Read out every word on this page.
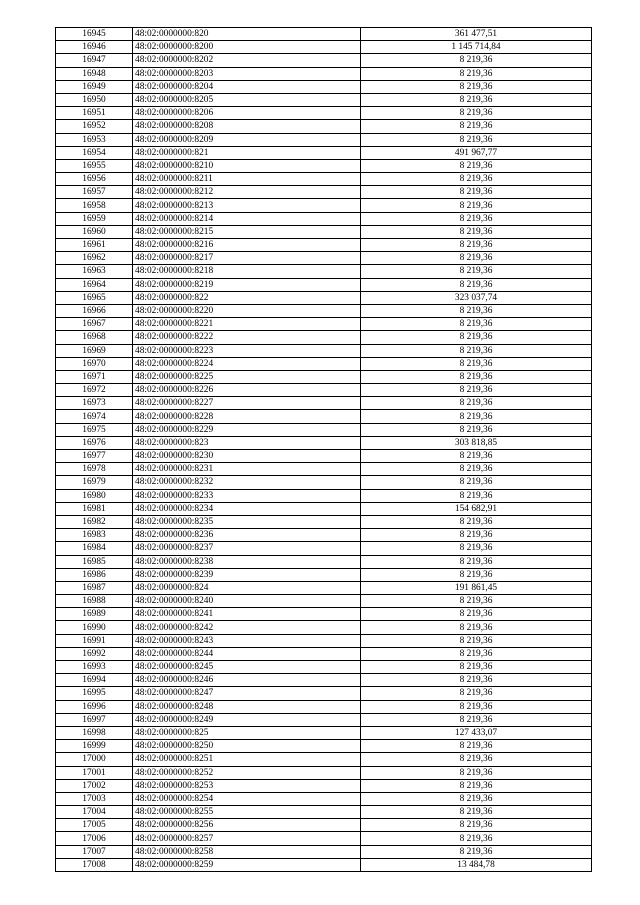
16945	48:02:0000000:820	361 477,51
16946	48:02:0000000:8200	1 145 714,84
16947	48:02:0000000:8202	8 219,36
16948	48:02:0000000:8203	8 219,36
16949	48:02:0000000:8204	8 219,36
16950	48:02:0000000:8205	8 219,36
16951	48:02:0000000:8206	8 219,36
16952	48:02:0000000:8208	8 219,36
16953	48:02:0000000:8209	8 219,36
16954	48:02:0000000:821	491 967,77
16955	48:02:0000000:8210	8 219,36
16956	48:02:0000000:8211	8 219,36
16957	48:02:0000000:8212	8 219,36
16958	48:02:0000000:8213	8 219,36
16959	48:02:0000000:8214	8 219,36
16960	48:02:0000000:8215	8 219,36
16961	48:02:0000000:8216	8 219,36
16962	48:02:0000000:8217	8 219,36
16963	48:02:0000000:8218	8 219,36
16964	48:02:0000000:8219	8 219,36
16965	48:02:0000000:822	323 037,74
16966	48:02:0000000:8220	8 219,36
16967	48:02:0000000:8221	8 219,36
16968	48:02:0000000:8222	8 219,36
16969	48:02:0000000:8223	8 219,36
16970	48:02:0000000:8224	8 219,36
16971	48:02:0000000:8225	8 219,36
16972	48:02:0000000:8226	8 219,36
16973	48:02:0000000:8227	8 219,36
16974	48:02:0000000:8228	8 219,36
16975	48:02:0000000:8229	8 219,36
16976	48:02:0000000:823	303 818,85
16977	48:02:0000000:8230	8 219,36
16978	48:02:0000000:8231	8 219,36
16979	48:02:0000000:8232	8 219,36
16980	48:02:0000000:8233	8 219,36
16981	48:02:0000000:8234	154 682,91
16982	48:02:0000000:8235	8 219,36
16983	48:02:0000000:8236	8 219,36
16984	48:02:0000000:8237	8 219,36
16985	48:02:0000000:8238	8 219,36
16986	48:02:0000000:8239	8 219,36
16987	48:02:0000000:824	191 861,45
16988	48:02:0000000:8240	8 219,36
16989	48:02:0000000:8241	8 219,36
16990	48:02:0000000:8242	8 219,36
16991	48:02:0000000:8243	8 219,36
16992	48:02:0000000:8244	8 219,36
16993	48:02:0000000:8245	8 219,36
16994	48:02:0000000:8246	8 219,36
16995	48:02:0000000:8247	8 219,36
16996	48:02:0000000:8248	8 219,36
16997	48:02:0000000:8249	8 219,36
16998	48:02:0000000:825	127 433,07
16999	48:02:0000000:8250	8 219,36
17000	48:02:0000000:8251	8 219,36
17001	48:02:0000000:8252	8 219,36
17002	48:02:0000000:8253	8 219,36
17003	48:02:0000000:8254	8 219,36
17004	48:02:0000000:8255	8 219,36
17005	48:02:0000000:8256	8 219,36
17006	48:02:0000000:8257	8 219,36
17007	48:02:0000000:8258	8 219,36
17008	48:02:0000000:8259	13 484,78
